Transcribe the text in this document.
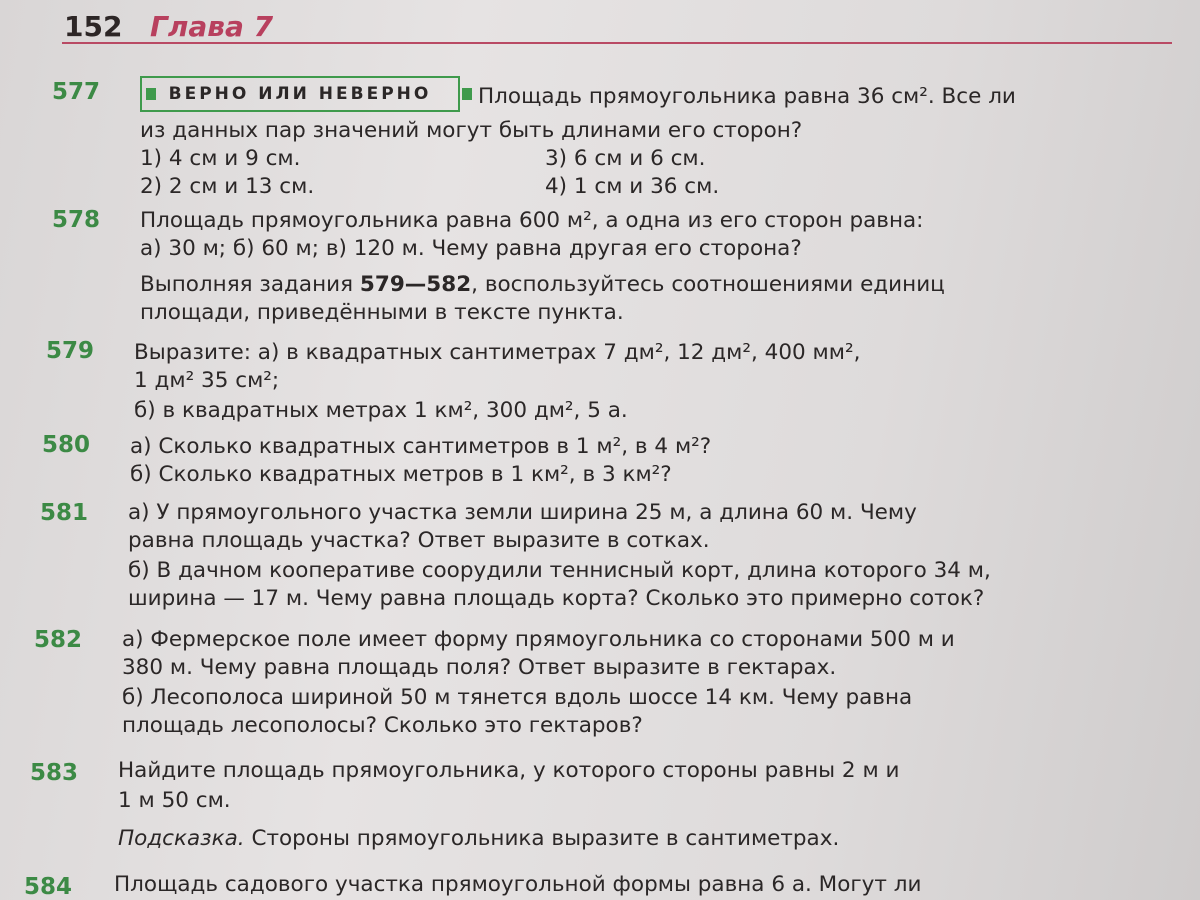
152 Глава 7
577	ВЕРНО ИЛИ НЕВЕРНО Площадь прямоугольника равна 36 см². Все ли
из данных пар значений могут быть длинами его сторон?
1) 4 см и 9 см.
2) 2 см и 13 см.
3) 6 см и 6 см.
4) 1 см и 36 см.
578 Площадь прямоугольника равна 600 м², а одна из его сторон равна:
а) 30 м; б) 60 м; в) 120 м. Чему равна другая его сторона?
Выполняя задания 579—582, воспользуйтесь соотношениями единиц
площади, приведёнными в тексте пункта.
579 Выразите: а) в квадратных сантиметрах 7 дм², 12 дм², 400 мм²,
1 дм² 35 см²;
б) в квадратных метрах 1 км², 300 дм², 5 а.
580 а) Сколько квадратных сантиметров в 1 м², в 4 м²?
б) Сколько квадратных метров в 1 км², в 3 км²?
581 а) У прямоугольного участка земли ширина 25 м, а длина 60 м. Чему
равна площадь участка? Ответ выразите в сотках.
б) В дачном кооперативе соорудили теннисный корт, длина которого 34 м,
ширина — 17 м. Чему равна площадь корта? Сколько это примерно соток?
582 а) Фермерское поле имеет форму прямоугольника со сторонами 500 м и
380 м. Чему равна площадь поля? Ответ выразите в гектарах.
б) Лесополоса шириной 50 м тянется вдоль шоссе 14 км. Чему равна
площадь лесополосы? Сколько это гектаров?
583 Найдите площадь прямоугольника, у которого стороны равны 2 м и
1 м 50 см.
Подсказка. Стороны прямоугольника выразите в сантиметрах.
584 Площадь садового участка прямоугольной формы равна 6 а. Могут ли
